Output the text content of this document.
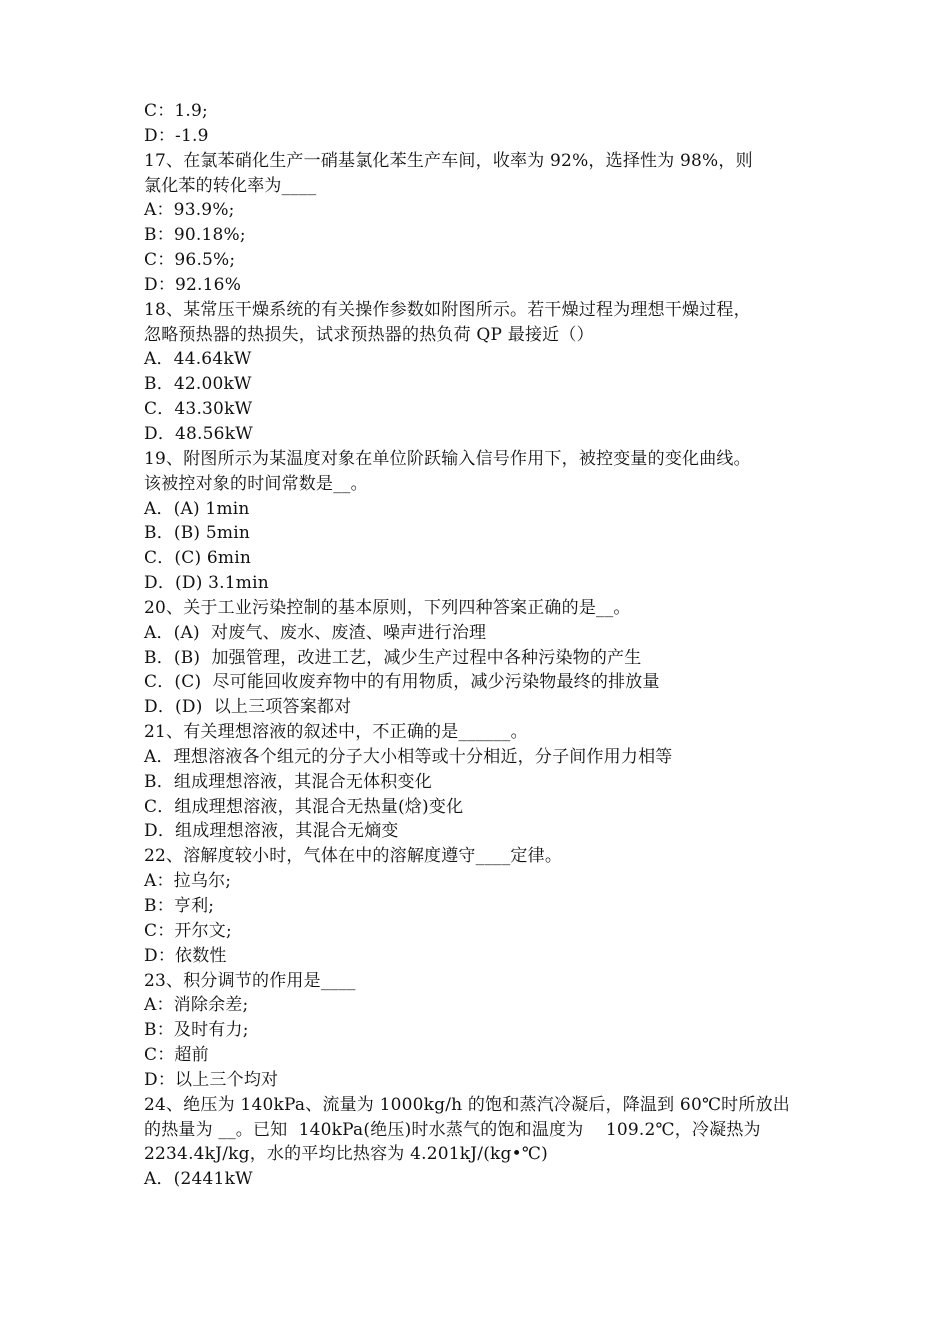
C：1.9;
D：-1.9
17、在氯苯硝化生产一硝基氯化苯生产车间，收率为 92%，选择性为 98%，则
氯化苯的转化率为____
A：93.9%;
B：90.18%;
C：96.5%;
D：92.16%
18、某常压干燥系统的有关操作参数如附图所示。若干燥过程为理想干燥过程，
忽略预热器的热损失，试求预热器的热负荷 QP 最接近（）
A．44.64kW
B．42.00kW
C．43.30kW
D．48.56kW
19、附图所示为某温度对象在单位阶跃输入信号作用下，被控变量的变化曲线。
该被控对象的时间常数是__。
A．(A) 1min
B．(B) 5min
C．(C) 6min
D．(D) 3.1min
20、关于工业污染控制的基本原则，下列四种答案正确的是__。
A．(A)  对废气、废水、废渣、噪声进行治理
B．(B)  加强管理，改进工艺，减少生产过程中各种污染物的产生
C．(C)  尽可能回收废弃物中的有用物质，减少污染物最终的排放量
D．(D)  以上三项答案都对
21、有关理想溶液的叙述中，不正确的是______。
A．理想溶液各个组元的分子大小相等或十分相近，分子间作用力相等
B．组成理想溶液，其混合无体积变化
C．组成理想溶液，其混合无热量(焓)变化
D．组成理想溶液，其混合无熵变
22、溶解度较小时，气体在中的溶解度遵守____定律。
A：拉乌尔;
B：亨利;
C：开尔文;
D：依数性
23、积分调节的作用是____
A：消除余差;
B：及时有力;
C：超前
D：以上三个均对
24、绝压为 140kPa、流量为 1000kg/h 的饱和蒸汽冷凝后，降温到 60℃时所放出
的热量为 __。已知  140kPa(绝压)时水蒸气的饱和温度为    109.2℃，冷凝热为
2234.4kJ/kg，水的平均比热容为 4.201kJ/(kg•℃)
A．(2441kW
